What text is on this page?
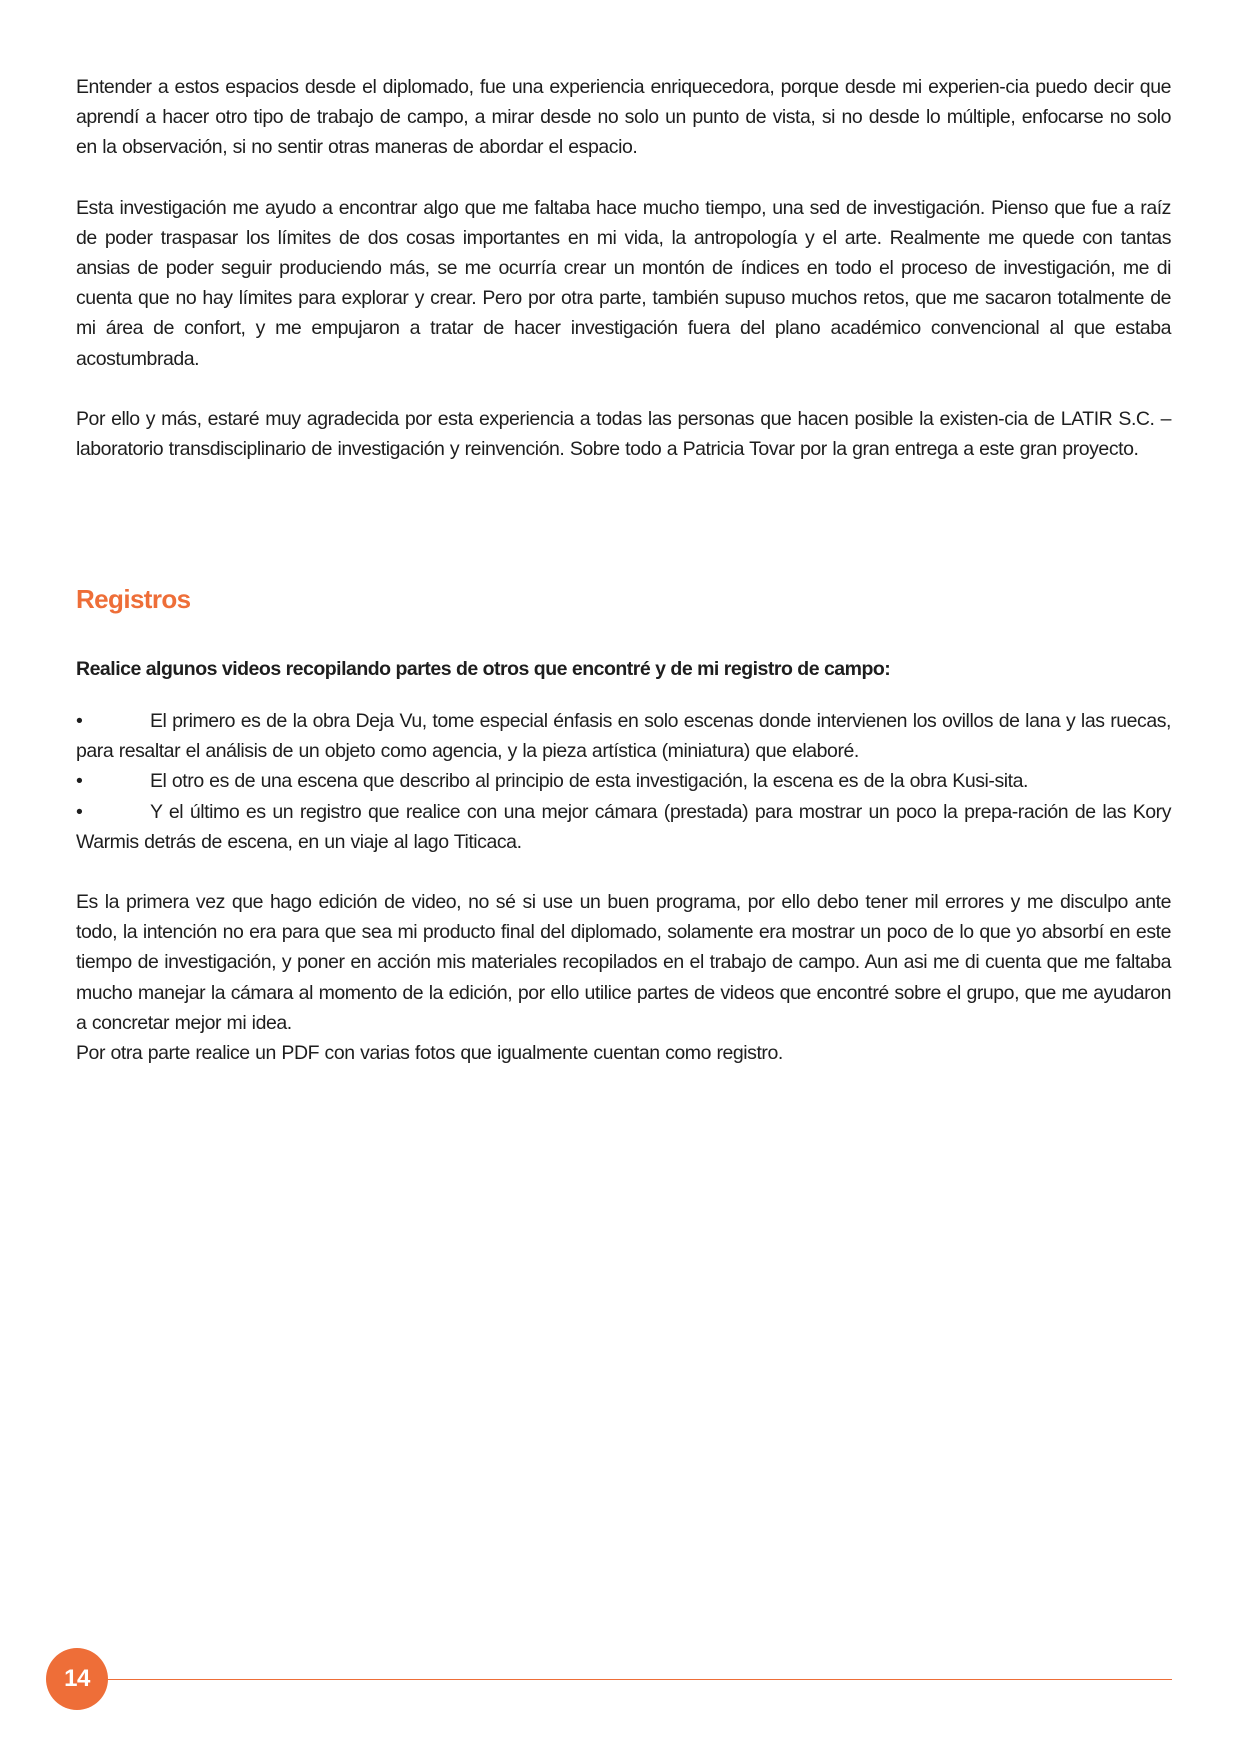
Entender a estos espacios desde el diplomado, fue una experiencia enriquecedora, porque desde mi experien-cia puedo decir que aprendí a hacer otro tipo de trabajo de campo, a mirar desde no solo un punto de vista, si no desde lo múltiple, enfocarse no solo en la observación, si no sentir otras maneras de abordar el espacio.

Esta investigación me ayudo a encontrar algo que me faltaba hace mucho tiempo, una sed de investigación. Pienso que fue a raíz de poder traspasar los límites de dos cosas importantes en mi vida, la antropología y el arte. Realmente me quede con tantas ansias de poder seguir produciendo más, se me ocurría crear un montón de índices en todo el proceso de investigación, me di cuenta que no hay límites para explorar y crear. Pero por otra parte, también supuso muchos retos, que me sacaron totalmente de mi área de confort, y me empujaron a tratar de hacer investigación fuera del plano académico convencional al que estaba acostumbrada.

Por ello y más, estaré muy agradecida por esta experiencia a todas las personas que hacen posible la existen-cia de LATIR S.C. – laboratorio transdisciplinario de investigación y reinvención. Sobre todo a Patricia Tovar por la gran entrega a este gran proyecto.

Registros

Realice algunos videos recopilando partes de otros que encontré y de mi registro de campo:

•	El primero es de la obra Deja Vu, tome especial énfasis en solo escenas donde intervienen los ovillos de lana y las ruecas, para resaltar el análisis de un objeto como agencia, y la pieza artística (miniatura) que elaboré.
•	El otro es de una escena que describo al principio de esta investigación, la escena es de la obra Kusi-sita.
•	Y el último es un registro que realice con una mejor cámara (prestada) para mostrar un poco la prepa-ración de las Kory Warmis detrás de escena, en un viaje al lago Titicaca.

Es la primera vez que hago edición de video, no sé si use un buen programa, por ello debo tener mil errores y me disculpo ante todo, la intención no era para que sea mi producto final del diplomado, solamente era mostrar un poco de lo que yo absorbí en este tiempo de investigación, y poner en acción mis materiales recopilados en el trabajo de campo. Aun asi me di cuenta que me faltaba mucho manejar la cámara al momento de la edición, por ello utilice partes de videos que encontré sobre el grupo, que me ayudaron a concretar mejor mi idea.

Por otra parte realice un PDF con varias fotos que igualmente cuentan como registro.

14
